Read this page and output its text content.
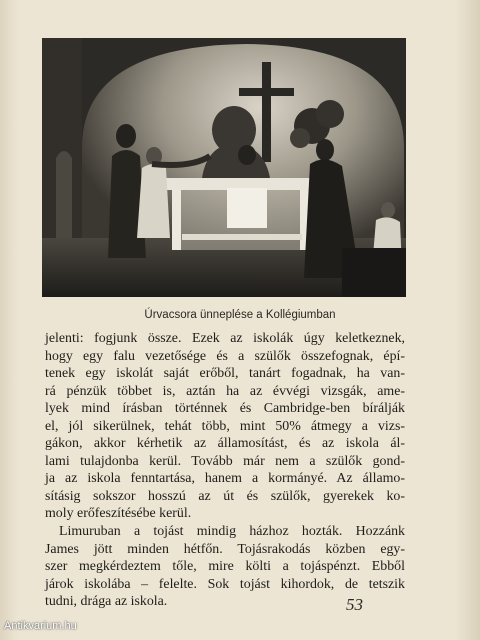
Úrvacsora ünneplése a Kollégiumban
jelenti: fogjunk össze. Ezek az iskolák úgy keletkeznek,
hogy egy falu vezetősége és a szülők összefognak, épí-
tenek egy iskolát saját erőből, tanárt fogadnak, ha van-
rá pénzük többet is, aztán ha az évvégi vizsgák, ame-
lyek mind írásban történnek és Cambridge-ben bírálják
el, jól sikerülnek, tehát több, mint 50% átmegy a vizs-
gákon, akkor kérhetik az államosítást, és az iskola ál-
lami tulajdonba kerül. Tovább már nem a szülők gond-
ja az iskola fenntartása, hanem a kormányé. Az államo-
sításig sokszor hosszú az út és szülők, gyerekek ko-
moly erőfeszítésébe kerül.
Limuruban a tojást mindig házhoz hozták. Hozzánk
James jött minden hétfőn. Tojásrakodás közben egy-
szer megkérdeztem tőle, mire költi a tojáspénzt. Ebből
járok iskolába – felelte. Sok tojást kihordok, de tetszik
tudni, drága az iskola.	53
Antikvarium.hu
